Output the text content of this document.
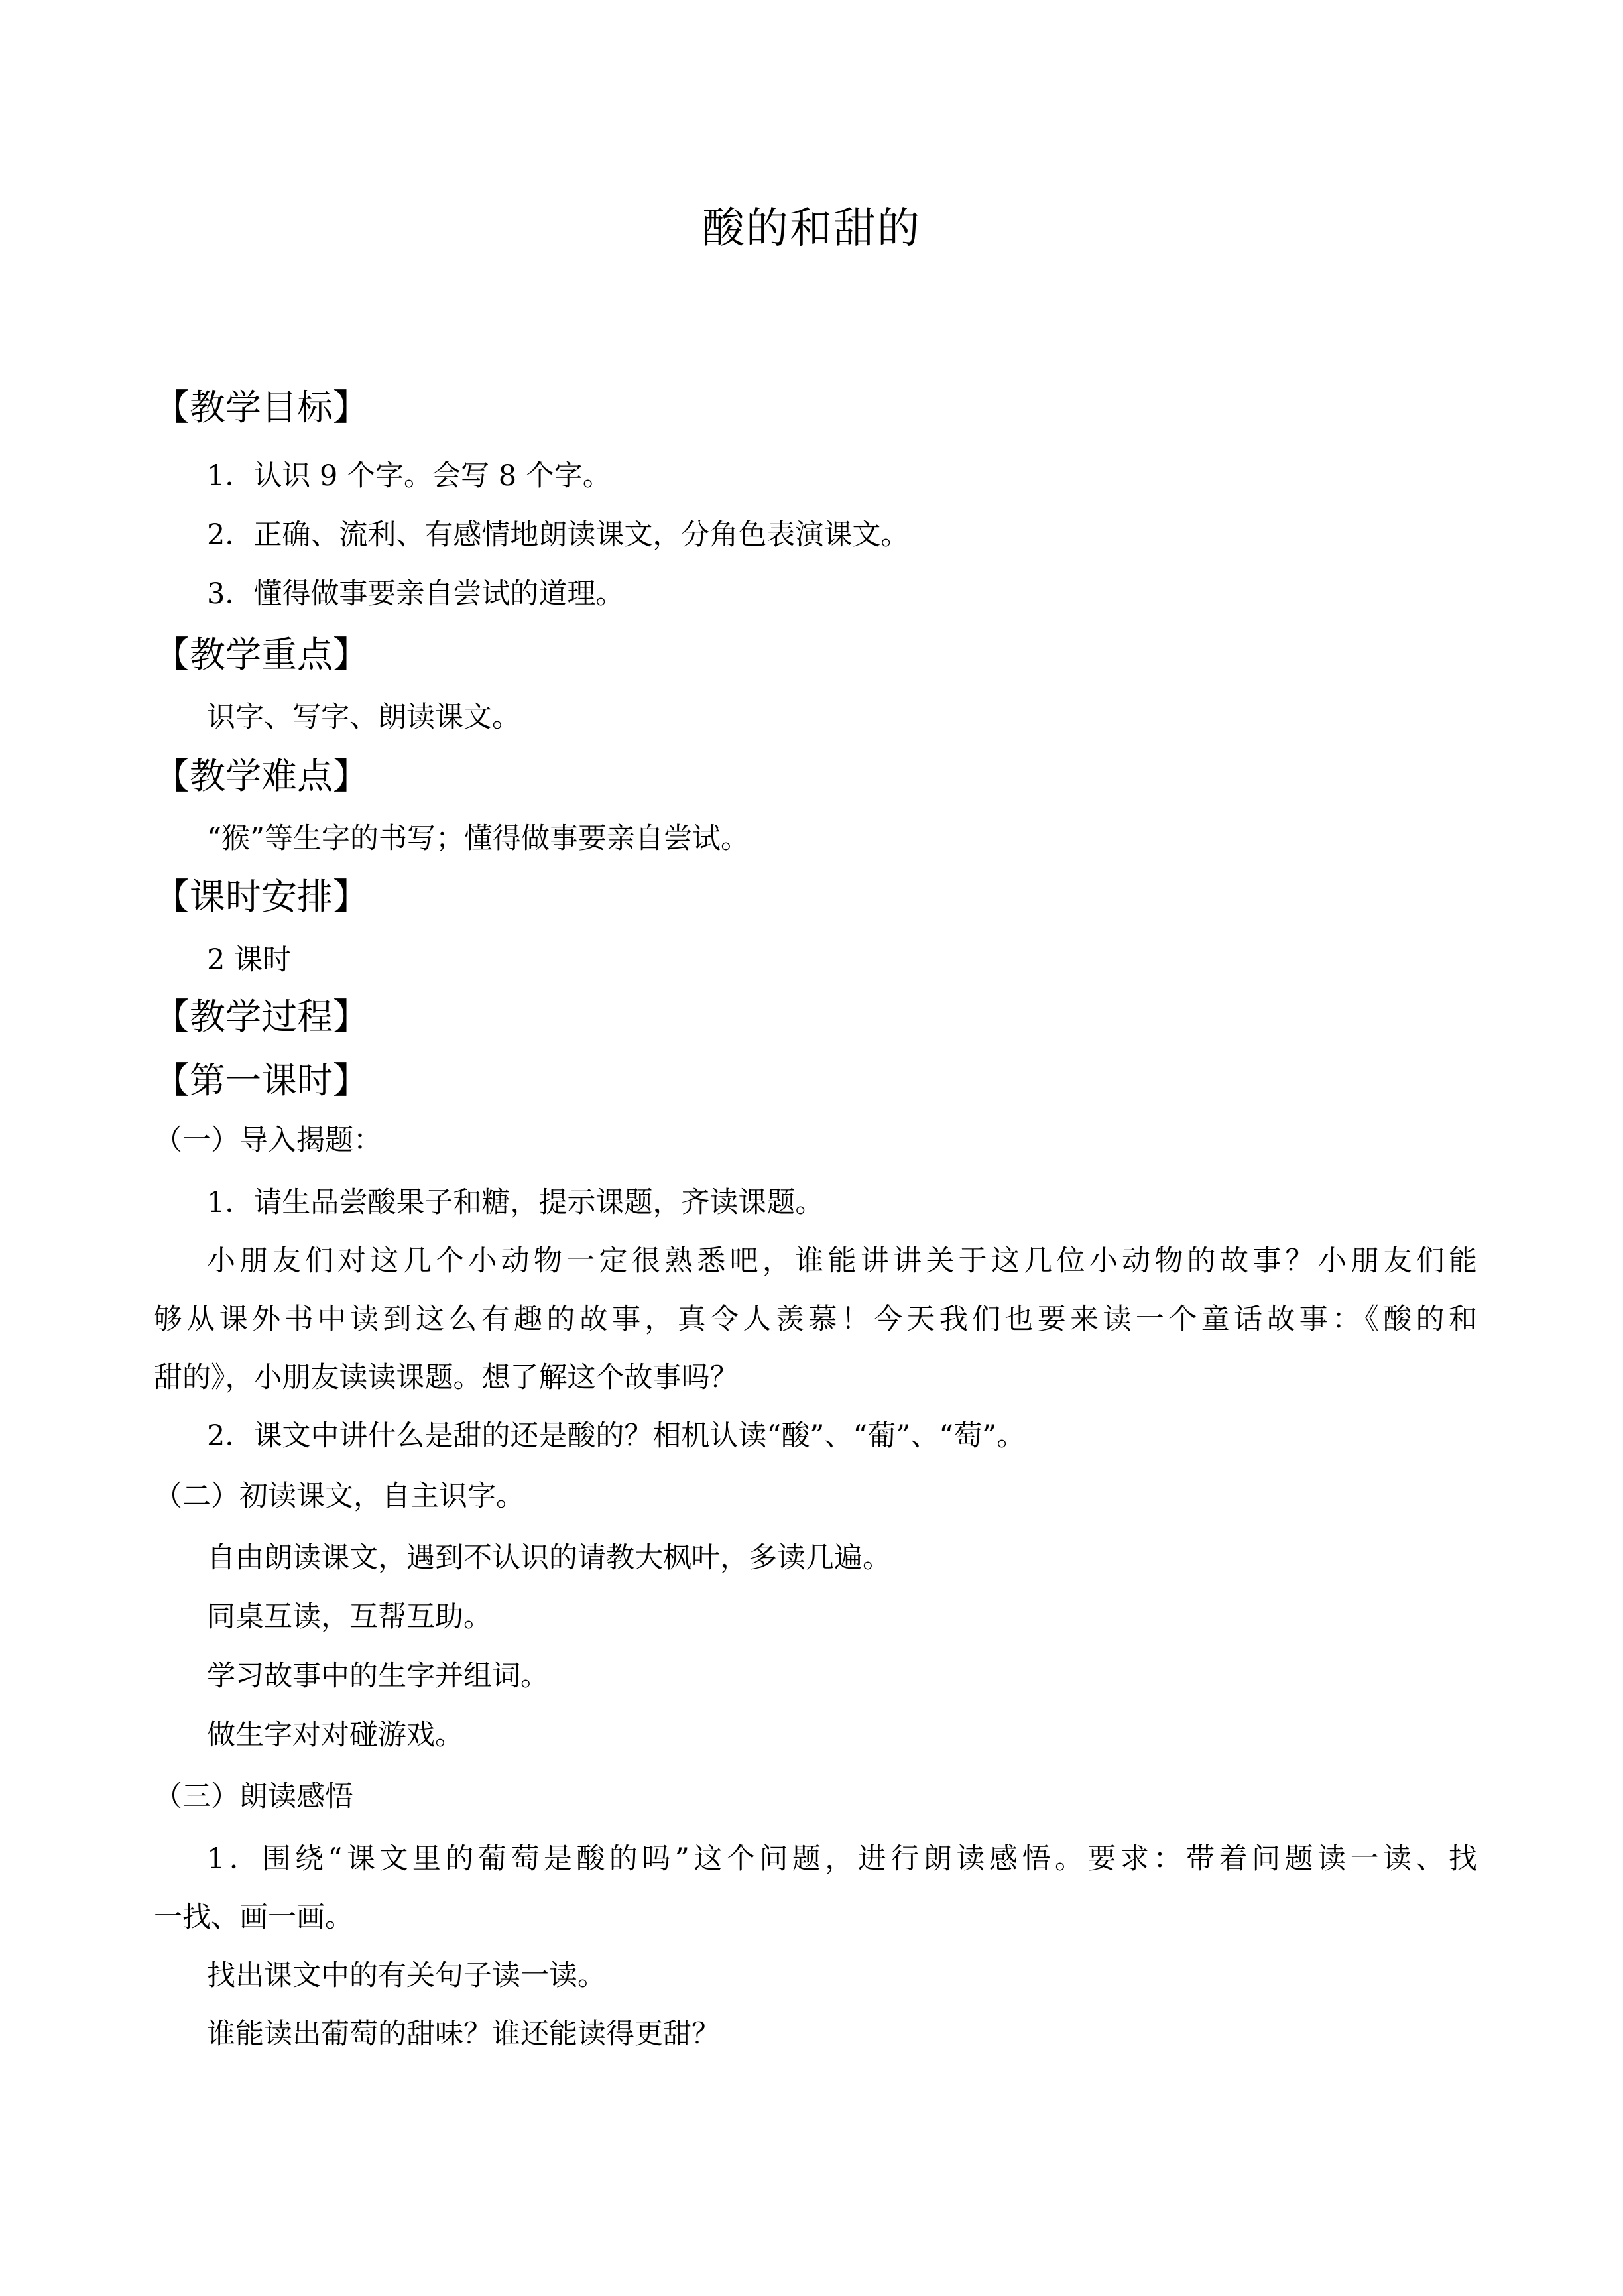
酸的和甜的
【教学目标】
1．认识 9 个字。会写 8 个字。
2．正确、流利、有感情地朗读课文，分角色表演课文。
3．懂得做事要亲自尝试的道理。
【教学重点】
识字、写字、朗读课文。
【教学难点】
“猴”等生字的书写；懂得做事要亲自尝试。
【课时安排】
2 课时
【教学过程】
【第一课时】
（一）导入揭题：
1．请生品尝酸果子和糖，提示课题，齐读课题。
小朋友们对这几个小动物一定很熟悉吧，谁能讲讲关于这几位小动物的故事？小朋友们能
够从课外书中读到这么有趣的故事，真令人羡慕！今天我们也要来读一个童话故事：《酸的和
甜的》，小朋友读读课题。想了解这个故事吗？
2．课文中讲什么是甜的还是酸的？相机认读“酸”、“葡”、“萄”。
（二）初读课文，自主识字。
自由朗读课文，遇到不认识的请教大枫叶，多读几遍。
同桌互读，互帮互助。
学习故事中的生字并组词。
做生字对对碰游戏。
（三）朗读感悟
1．围绕“课文里的葡萄是酸的吗”这个问题，进行朗读感悟。要求：带着问题读一读、找
一找、画一画。
找出课文中的有关句子读一读。
谁能读出葡萄的甜味？谁还能读得更甜？
